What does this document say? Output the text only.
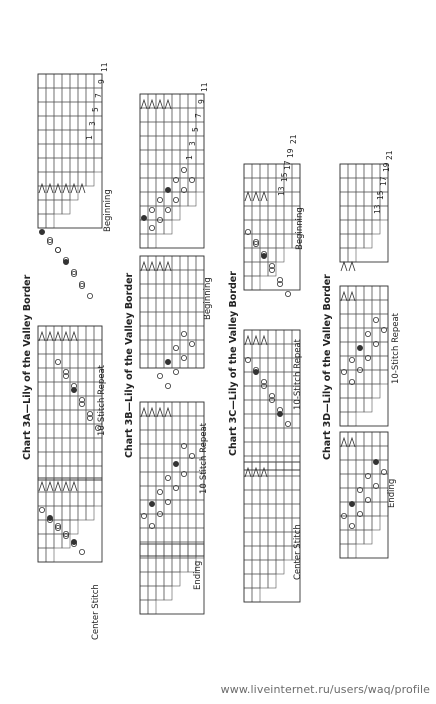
Chart 3A—Lily of the Valley Border
Center Stitch
10-Stitch Repeat
Beginning
1
3
5
7
9
11
Chart 3B—Lily of the Valley Border
Ending
10-Stitch Repeat
Beginning
1
3
5
7
9
11
Chart 3C—Lily of the Valley Border
Center Stitch
10-Stitch Repeat
Beginning
13
15
17
19
21
Chart 3D—Lily of the Valley Border
Ending
10-Stitch Repeat
13
15
17
19
21
www.liveinternet.ru/users/waq/profile
